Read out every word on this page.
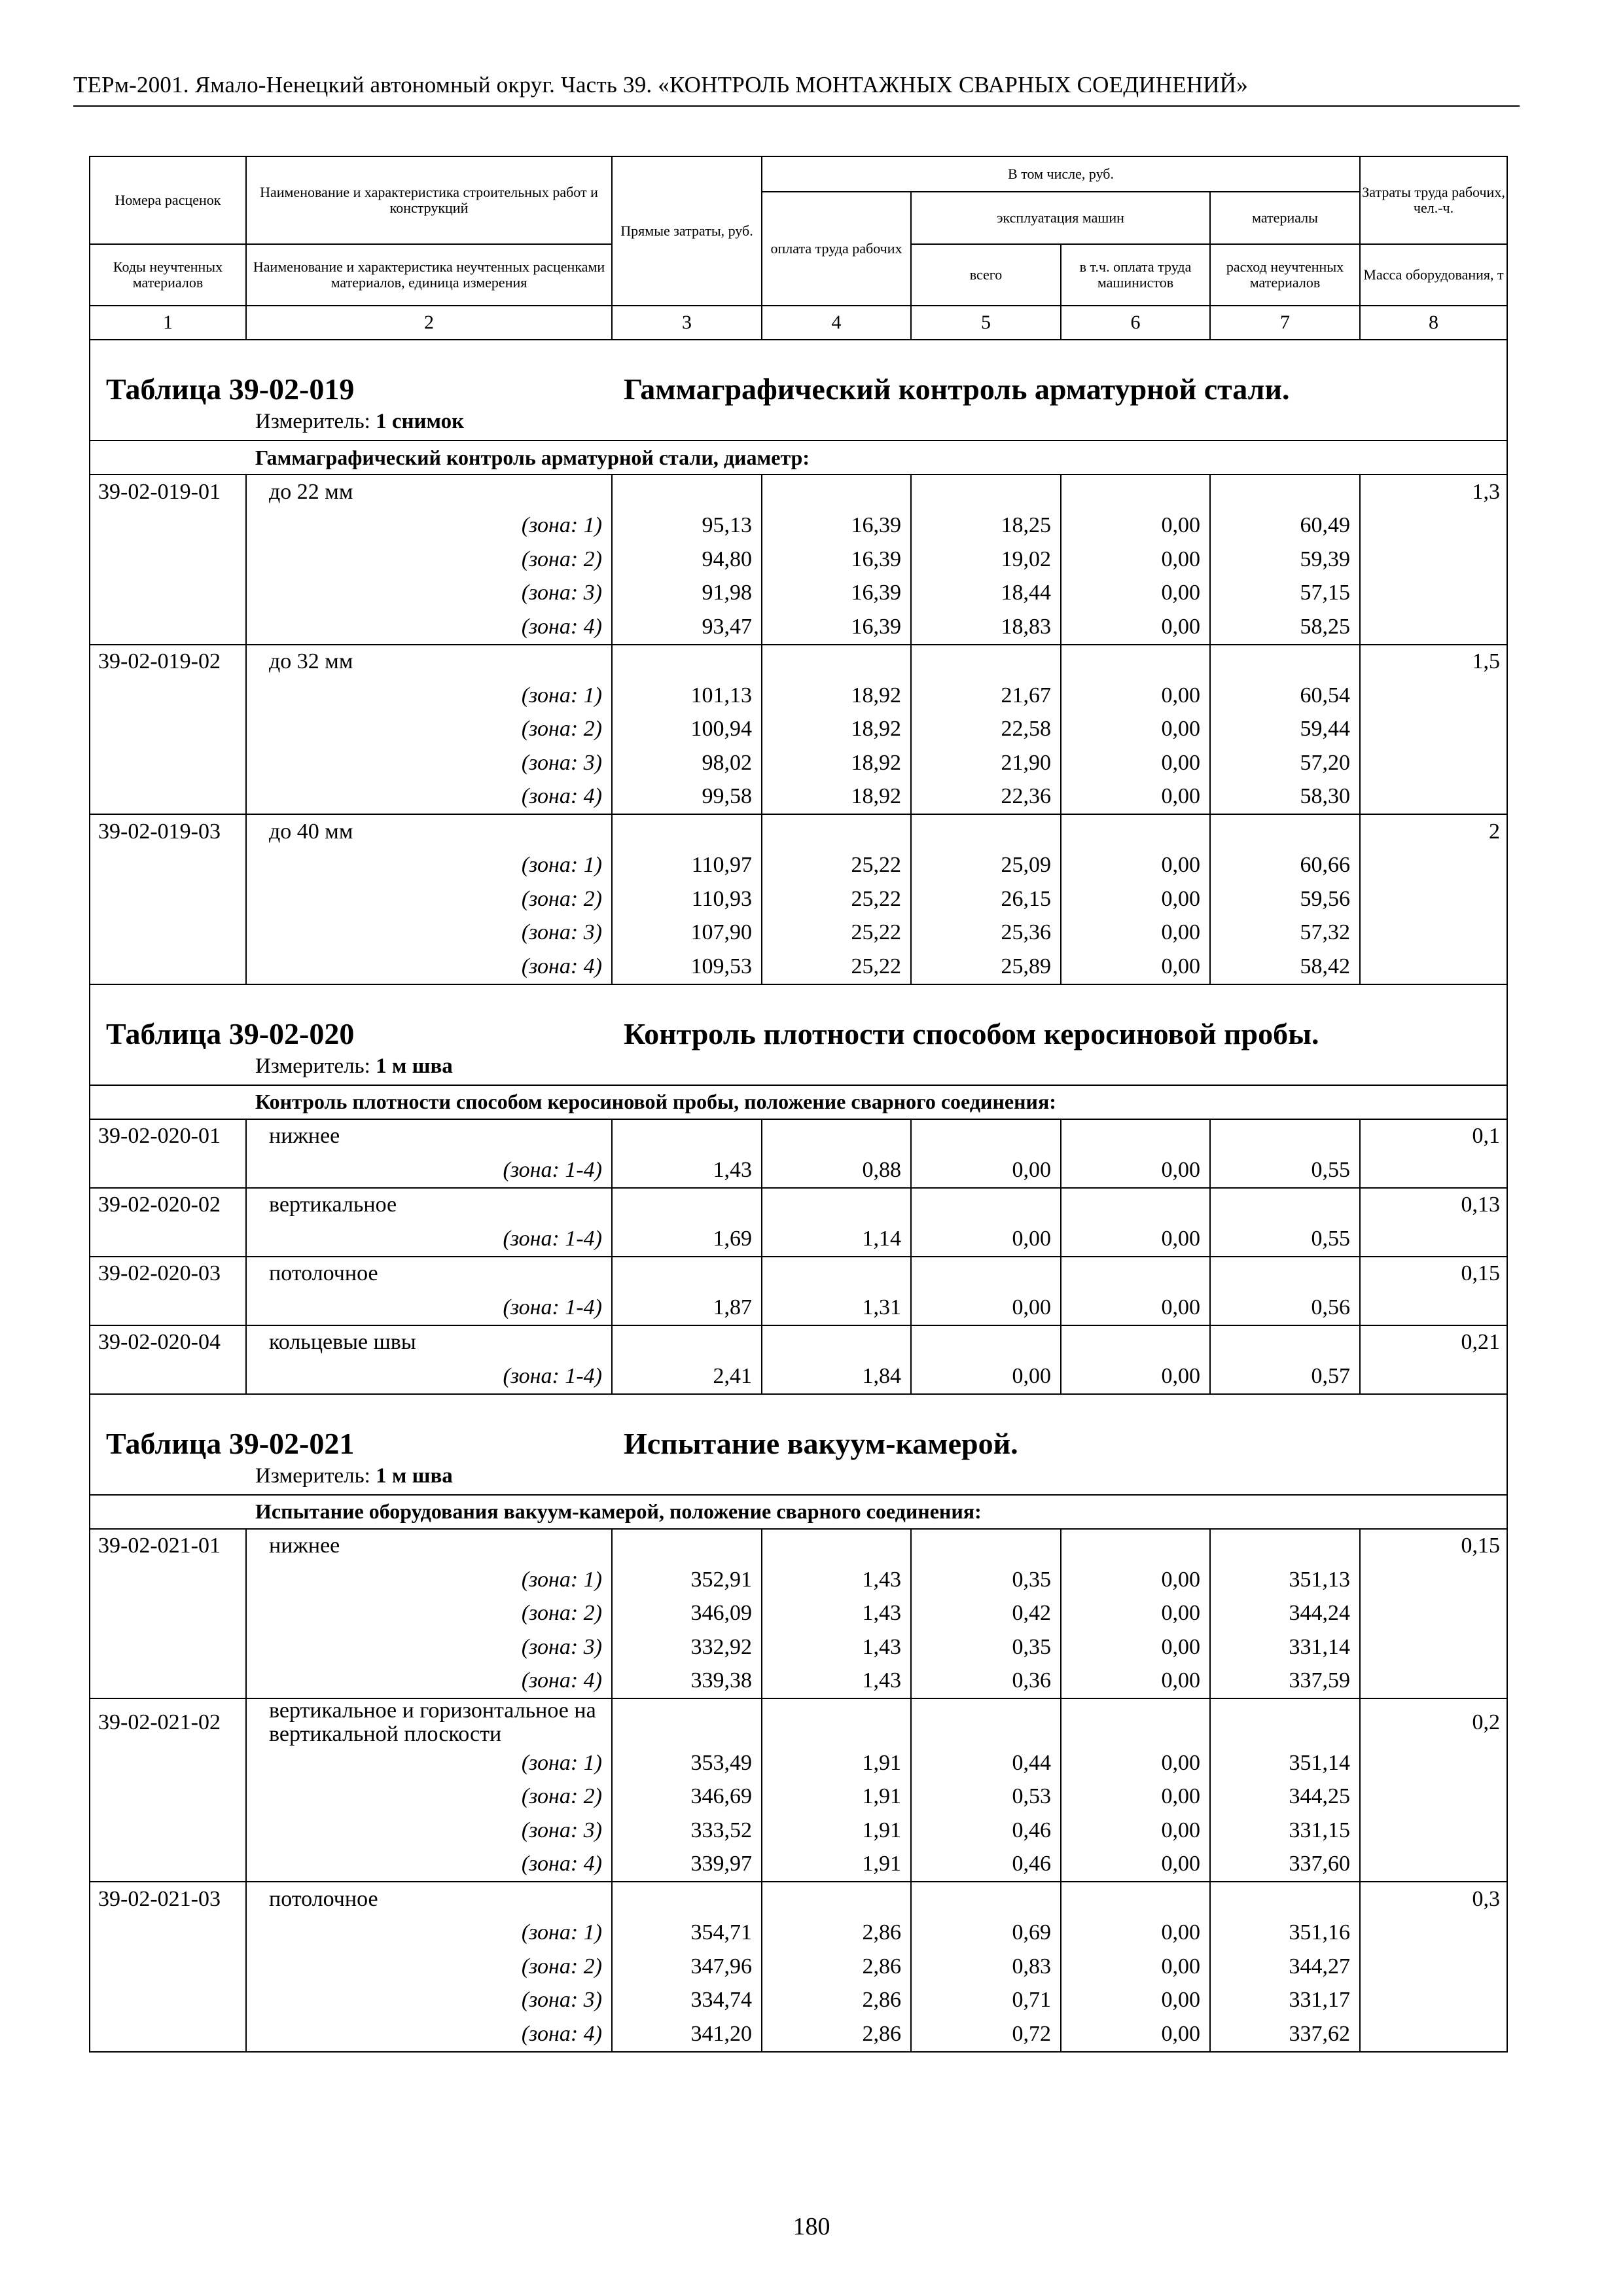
ТЕРм-2001. Ямало-Ненецкий автономный округ. Часть 39. «КОНТРОЛЬ МОНТАЖНЫХ СВАРНЫХ СОЕДИНЕНИЙ»
Номера расценок	Наименование и характеристика строительных работ и конструкций	Прямые затраты, руб.	В том числе, руб.				Затраты труда рабочих, чел.-ч.
			оплата труда рабочих	эксплуатация машин		материалы	
Коды неучтенных материалов	Наименование и характеристика неучтенных расценками материалов, единица измерения			всего	в т.ч. оплата труда машинистов	расход неучтенных материалов	Масса оборудования, т
1	2	3	4	5	6	7	8

Таблица 39-02-019 Гаммаграфический контроль арматурной стали.
Измеритель: 1 снимок							

Гаммаграфический контроль арматурной стали, диаметр:							
39-02-019-01	до 22 мм						1,3
	(зона: 1)	95,13	16,39	18,25	0,00	60,49	
	(зона: 2)	94,80	16,39	19,02	0,00	59,39	
	(зона: 3)	91,98	16,39	18,44	0,00	57,15	
	(зона: 4)	93,47	16,39	18,83	0,00	58,25	
39-02-019-02	до 32 мм						1,5
	(зона: 1)	101,13	18,92	21,67	0,00	60,54	
	(зона: 2)	100,94	18,92	22,58	0,00	59,44	
	(зона: 3)	98,02	18,92	21,90	0,00	57,20	
	(зона: 4)	99,58	18,92	22,36	0,00	58,30	
39-02-019-03	до 40 мм						2
	(зона: 1)	110,97	25,22	25,09	0,00	60,66	
	(зона: 2)	110,93	25,22	26,15	0,00	59,56	
	(зона: 3)	107,90	25,22	25,36	0,00	57,32	
	(зона: 4)	109,53	25,22	25,89	0,00	58,42	

Таблица 39-02-020 Контроль плотности способом керосиновой пробы.
Измеритель: 1 м шва							

Контроль плотности способом керосиновой пробы, положение сварного соединения:							
39-02-020-01	нижнее						0,1
	(зона: 1-4)	1,43	0,88	0,00	0,00	0,55	
39-02-020-02	вертикальное						0,13
	(зона: 1-4)	1,69	1,14	0,00	0,00	0,55	
39-02-020-03	потолочное						0,15
	(зона: 1-4)	1,87	1,31	0,00	0,00	0,56	
39-02-020-04	кольцевые швы						0,21
	(зона: 1-4)	2,41	1,84	0,00	0,00	0,57	

Таблица 39-02-021 Испытание вакуум-камерой.
Измеритель: 1 м шва							

Испытание оборудования вакуум-камерой, положение сварного соединения:							
39-02-021-01	нижнее						0,15
	(зона: 1)	352,91	1,43	0,35	0,00	351,13	
	(зона: 2)	346,09	1,43	0,42	0,00	344,24	
	(зона: 3)	332,92	1,43	0,35	0,00	331,14	
	(зона: 4)	339,38	1,43	0,36	0,00	337,59	
39-02-021-02	вертикальное и горизонтальное на вертикальной плоскости						0,2
	(зона: 1)	353,49	1,91	0,44	0,00	351,14	
	(зона: 2)	346,69	1,91	0,53	0,00	344,25	
	(зона: 3)	333,52	1,91	0,46	0,00	331,15	
	(зона: 4)	339,97	1,91	0,46	0,00	337,60	
39-02-021-03	потолочное						0,3
	(зона: 1)	354,71	2,86	0,69	0,00	351,16	
	(зона: 2)	347,96	2,86	0,83	0,00	344,27	
	(зона: 3)	334,74	2,86	0,71	0,00	331,17	
	(зона: 4)	341,20	2,86	0,72	0,00	337,62	
180
